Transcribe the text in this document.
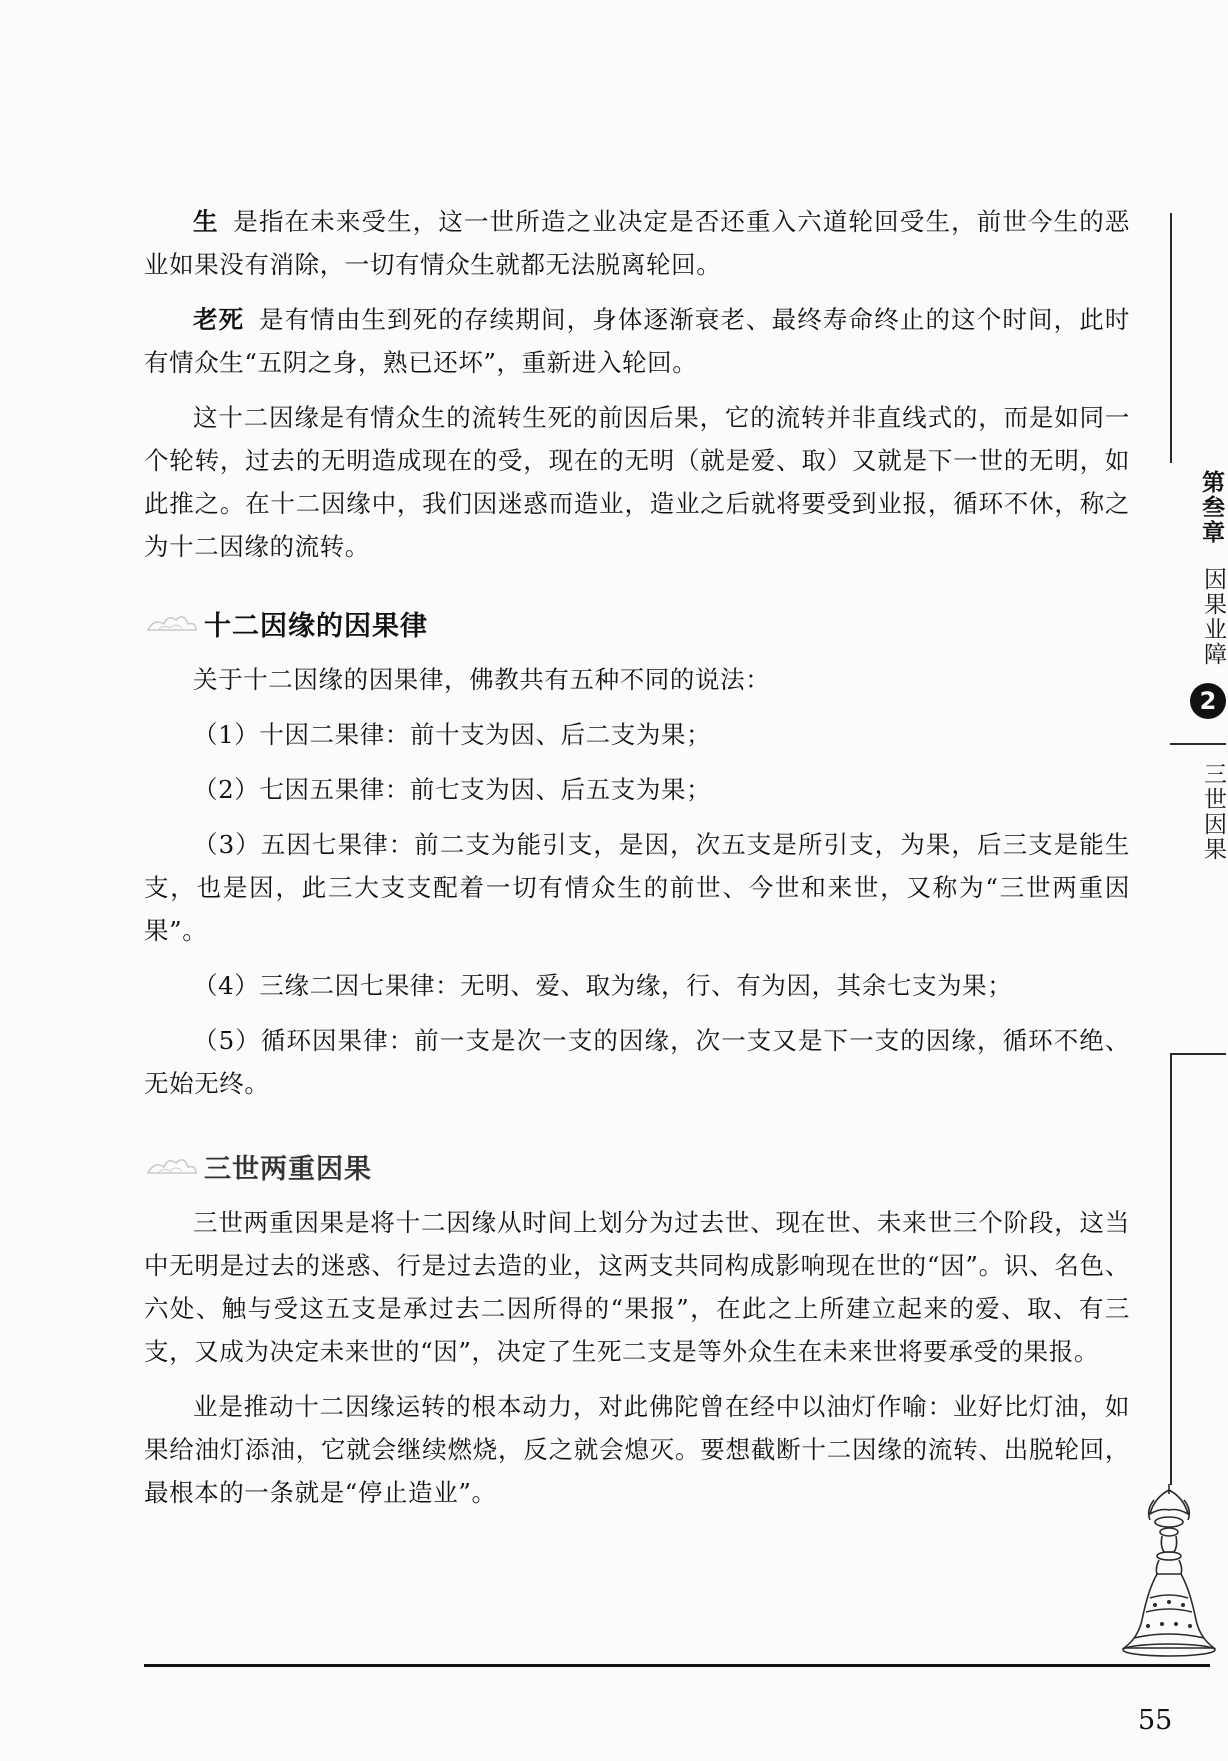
生 是指在未来受生，这一世所造之业决定是否还重入六道轮回受生，前世今生的恶业如果没有消除，一切有情众生就都无法脱离轮回。

老死 是有情由生到死的存续期间，身体逐渐衰老、最终寿命终止的这个时间，此时有情众生“五阴之身，熟已还坏”，重新进入轮回。

这十二因缘是有情众生的流转生死的前因后果，它的流转并非直线式的，而是如同一个轮转，过去的无明造成现在的受，现在的无明（就是爱、取）又就是下一世的无明，如此推之。在十二因缘中，我们因迷惑而造业，造业之后就将要受到业报，循环不休，称之为十二因缘的流转。

十二因缘的因果律

关于十二因缘的因果律，佛教共有五种不同的说法：

（1）十因二果律：前十支为因、后二支为果；

（2）七因五果律：前七支为因、后五支为果；

（3）五因七果律：前二支为能引支，是因，次五支是所引支，为果，后三支是能生支，也是因，此三大支支配着一切有情众生的前世、今世和来世，又称为“三世两重因果”。

（4）三缘二因七果律：无明、爱、取为缘，行、有为因，其余七支为果；

（5）循环因果律：前一支是次一支的因缘，次一支又是下一支的因缘，循环不绝、无始无终。

三世两重因果

三世两重因果是将十二因缘从时间上划分为过去世、现在世、未来世三个阶段，这当中无明是过去的迷惑、行是过去造的业，这两支共同构成影响现在世的“因”。识、名色、六处、触与受这五支是承过去二因所得的“果报”，在此之上所建立起来的爱、取、有三支，又成为决定未来世的“因”，决定了生死二支是等外众生在未来世将要承受的果报。

业是推动十二因缘运转的根本动力，对此佛陀曾在经中以油灯作喻：业好比灯油，如果给油灯添油，它就会继续燃烧，反之就会熄灭。要想截断十二因缘的流转、出脱轮回，最根本的一条就是“停止造业”。

第叁章
因果业障
2
三世因果
55
